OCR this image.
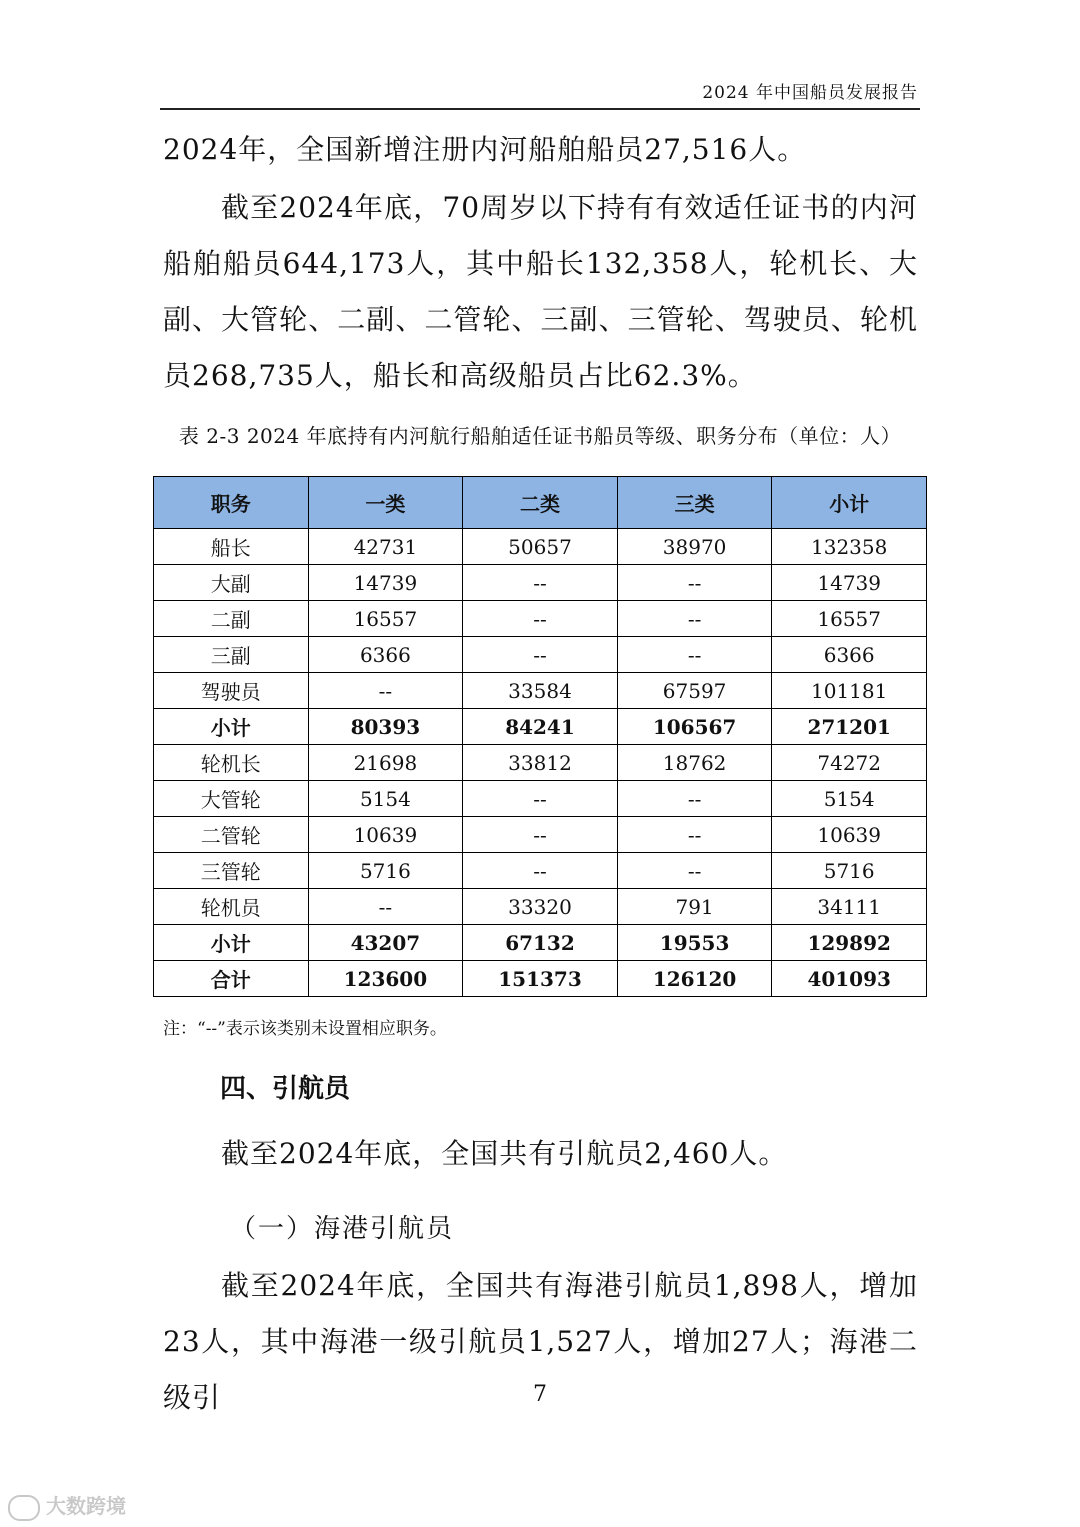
2024 年中国船员发展报告
2024年，全国新增注册内河船舶船员27,516人。
截至2024年底，70周岁以下持有有效适任证书的内河船舶船员644,173人，其中船长132,358人，轮机长、大副、大管轮、二副、二管轮、三副、三管轮、驾驶员、轮机员268,735人，船长和高级船员占比62.3%。
表 2-3 2024 年底持有内河航行船舶适任证书船员等级、职务分布（单位：人）
职务	一类	二类	三类	小计
船长	42731	50657	38970	132358
大副	14739	--	--	14739
二副	16557	--	--	16557
三副	6366	--	--	6366
驾驶员	--	33584	67597	101181
小计	80393	84241	106567	271201
轮机长	21698	33812	18762	74272
大管轮	5154	--	--	5154
二管轮	10639	--	--	10639
三管轮	5716	--	--	5716
轮机员	--	33320	791	34111
小计	43207	67132	19553	129892
合计	123600	151373	126120	401093
注：“--”表示该类别未设置相应职务。
四、引航员
截至2024年底，全国共有引航员2,460人。
（一）海港引航员
截至2024年底，全国共有海港引航员1,898人，增加23人，其中海港一级引航员1,527人，增加27人；海港二级引	7
大数跨境
